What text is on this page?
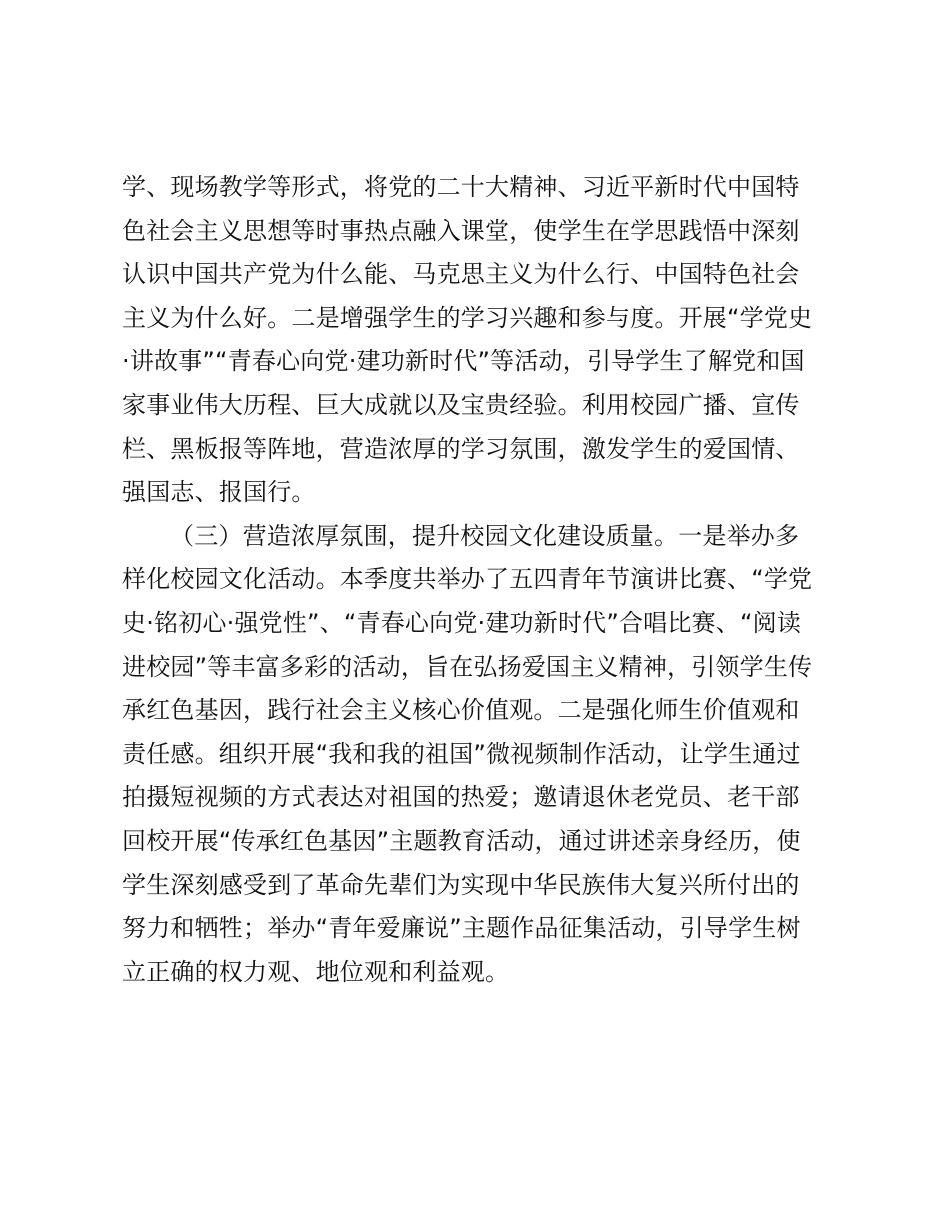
学、现场教学等形式，将党的二十大精神、习近平新时代中国特
色社会主义思想等时事热点融入课堂，使学生在学思践悟中深刻
认识中国共产党为什么能、马克思主义为什么行、中国特色社会
主义为什么好。二是增强学生的学习兴趣和参与度。开展“学党史
·讲故事”“青春心向党·建功新时代”等活动，引导学生了解党和国
家事业伟大历程、巨大成就以及宝贵经验。利用校园广播、宣传
栏、黑板报等阵地，营造浓厚的学习氛围，激发学生的爱国情、
强国志、报国行。
（三）营造浓厚氛围，提升校园文化建设质量。一是举办多
样化校园文化活动。本季度共举办了五四青年节演讲比赛、“学党
史·铭初心·强党性”、“青春心向党·建功新时代”合唱比赛、“阅读
进校园”等丰富多彩的活动，旨在弘扬爱国主义精神，引领学生传
承红色基因，践行社会主义核心价值观。二是强化师生价值观和
责任感。组织开展“我和我的祖国”微视频制作活动，让学生通过
拍摄短视频的方式表达对祖国的热爱；邀请退休老党员、老干部
回校开展“传承红色基因”主题教育活动，通过讲述亲身经历，使
学生深刻感受到了革命先辈们为实现中华民族伟大复兴所付出的
努力和牺牲；举办“青年爱廉说”主题作品征集活动，引导学生树
立正确的权力观、地位观和利益观。
